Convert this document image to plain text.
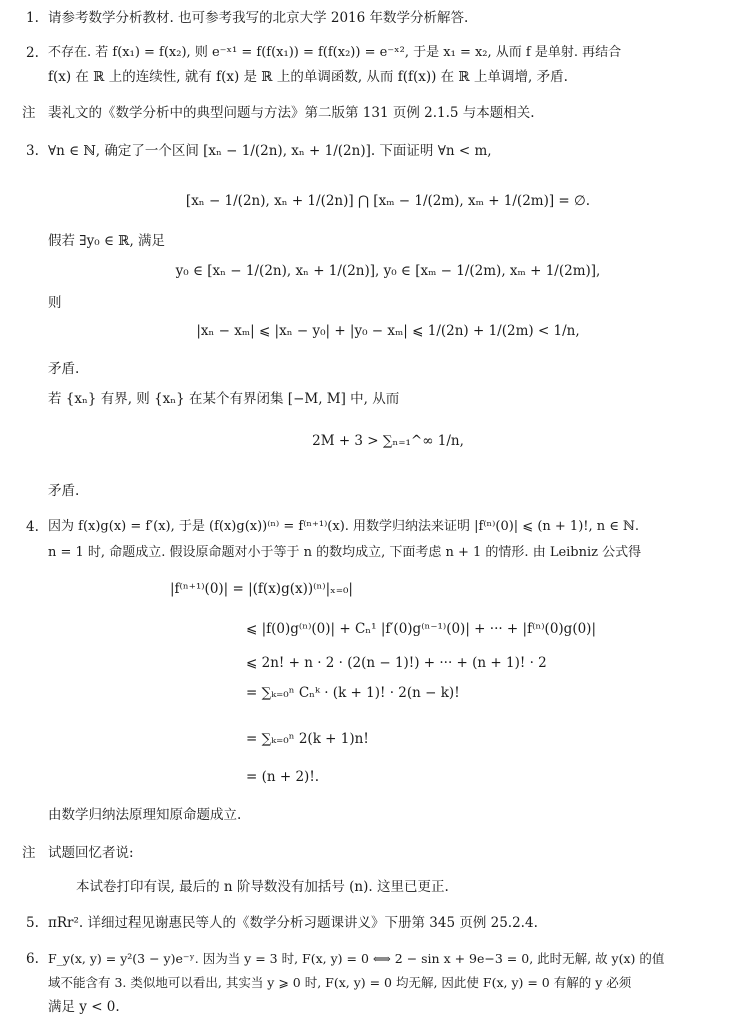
1. 请参考数学分析教材. 也可参考我写的北京大学 2016 年数学分析解答.
2. 不存在. 若 f(x₁) = f(x₂), 则 e⁻ˣ¹ = f(f(x₁)) = f(f(x₂)) = e⁻ˣ², 于是 x₁ = x₂, 从而 f 是单射. 再结合
f(x) 在 ℝ 上的连续性, 就有 f(x) 是 ℝ 上的单调函数, 从而 f(f(x)) 在 ℝ 上单调增, 矛盾.
注 裴礼文的《数学分析中的典型问题与方法》第二版第 131 页例 2.1.5 与本题相关.
3. ∀n ∈ ℕ, 确定了一个区间 [xₙ − 1/(2n), xₙ + 1/(2n)]. 下面证明 ∀n < m,
[xₙ − 1/(2n), xₙ + 1/(2n)] ⋂ [xₘ − 1/(2m), xₘ + 1/(2m)] = ∅.
假若 ∃y₀ ∈ ℝ, 满足
y₀ ∈ [xₙ − 1/(2n), xₙ + 1/(2n)], y₀ ∈ [xₘ − 1/(2m), xₘ + 1/(2m)],
则
|xₙ − xₘ| ⩽ |xₙ − y₀| + |y₀ − xₘ| ⩽ 1/(2n) + 1/(2m) < 1/n,
矛盾.
若 {xₙ} 有界, 则 {xₙ} 在某个有界闭集 [−M, M] 中, 从而
2M + 3 > ∑ₙ₌₁^∞ 1/n,
矛盾.
4. 因为 f(x)g(x) = f′(x), 于是 (f(x)g(x))⁽ⁿ⁾ = f⁽ⁿ⁺¹⁾(x). 用数学归纳法来证明 |f⁽ⁿ⁾(0)| ⩽ (n + 1)!, n ∈ ℕ.
n = 1 时, 命题成立. 假设原命题对小于等于 n 的数均成立, 下面考虑 n + 1 的情形. 由 Leibniz 公式得
|f⁽ⁿ⁺¹⁾(0)| = |(f(x)g(x))⁽ⁿ⁾|ₓ₌₀|
⩽ |f(0)g⁽ⁿ⁾(0)| + Cₙ¹ |f′(0)g⁽ⁿ⁻¹⁾(0)| + ··· + |f⁽ⁿ⁾(0)g(0)|
⩽ 2n! + n · 2 · (2(n − 1)!) + ··· + (n + 1)! · 2
= ∑ₖ₌₀ⁿ Cₙᵏ · (k + 1)! · 2(n − k)!
= ∑ₖ₌₀ⁿ 2(k + 1)n!
= (n + 2)!.
由数学归纳法原理知原命题成立.
注 试题回忆者说:
本试卷打印有误, 最后的 n 阶导数没有加括号 (n). 这里已更正.
5. πRr². 详细过程见谢惠民等人的《数学分析习题课讲义》下册第 345 页例 25.2.4.
6. F_y(x, y) = y²(3 − y)e⁻ʸ. 因为当 y = 3 时, F(x, y) = 0 ⟺ 2 − sin x + 9e−3 = 0, 此时无解, 故 y(x) 的值
域不能含有 3. 类似地可以看出, 其实当 y ⩾ 0 时, F(x, y) = 0 均无解, 因此使 F(x, y) = 0 有解的 y 必须
满足 y < 0.
